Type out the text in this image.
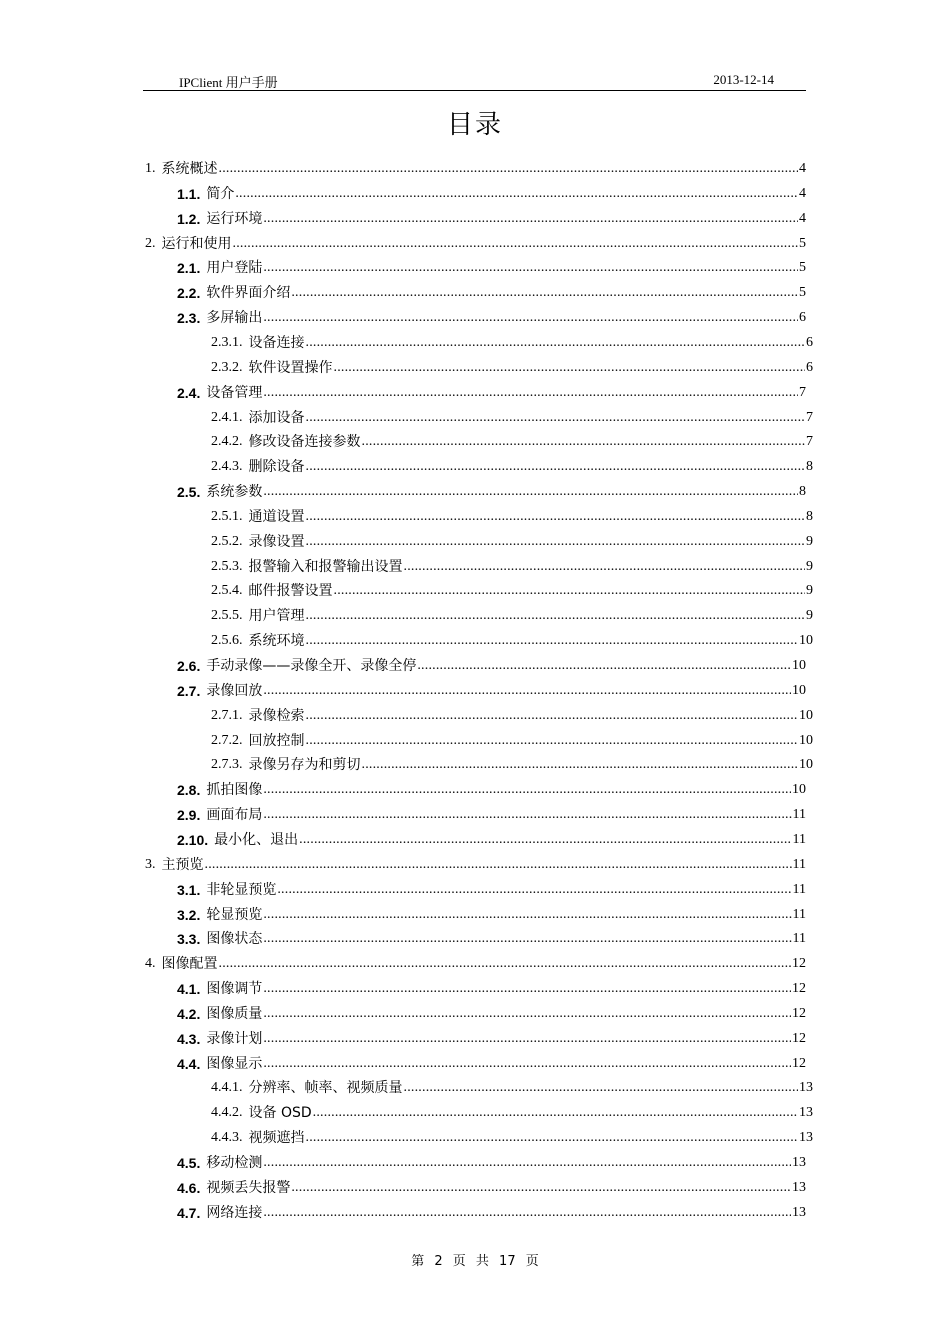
IPClient 用户手册	2013-12-14
目录
1. 系统概述 .....	4
1.1. 简介 .....	4
1.2. 运行环境 .....	4
2. 运行和使用 .....	5
2.1. 用户登陆 .....	5
2.2. 软件界面介绍 .....	5
2.3. 多屏输出 .....	6
2.3.1. 设备连接 .....	6
2.3.2. 软件设置操作 .....	6
2.4. 设备管理 .....	7
2.4.1. 添加设备 .....	7
2.4.2. 修改设备连接参数 .....	7
2.4.3. 删除设备 .....	8
2.5. 系统参数 .....	8
2.5.1. 通道设置 .....	8
2.5.2. 录像设置 .....	9
2.5.3. 报警输入和报警输出设置 .....	9
2.5.4. 邮件报警设置 .....	9
2.5.5. 用户管理 .....	9
2.5.6. 系统环境 .....	10
2.6. 手动录像——录像全开、录像全停 .....	10
2.7. 录像回放 .....	10
2.7.1. 录像检索 .....	10
2.7.2. 回放控制 .....	10
2.7.3. 录像另存为和剪切 .....	10
2.8. 抓拍图像 .....	10
2.9. 画面布局 .....	11
2.10. 最小化、退出 .....	11
3. 主预览 .....	11
3.1. 非轮显预览 .....	11
3.2. 轮显预览 .....	11
3.3. 图像状态 .....	11
4. 图像配置 .....	12
4.1. 图像调节 .....	12
4.2. 图像质量 .....	12
4.3. 录像计划 .....	12
4.4. 图像显示 .....	12
4.4.1. 分辨率、帧率、视频质量 .....	13
4.4.2. 设备 OSD .....	13
4.4.3. 视频遮挡 .....	13
4.5. 移动检测 .....	13
4.6. 视频丢失报警 .....	13
4.7. 网络连接 .....	13
第 2 页 共 17 页
